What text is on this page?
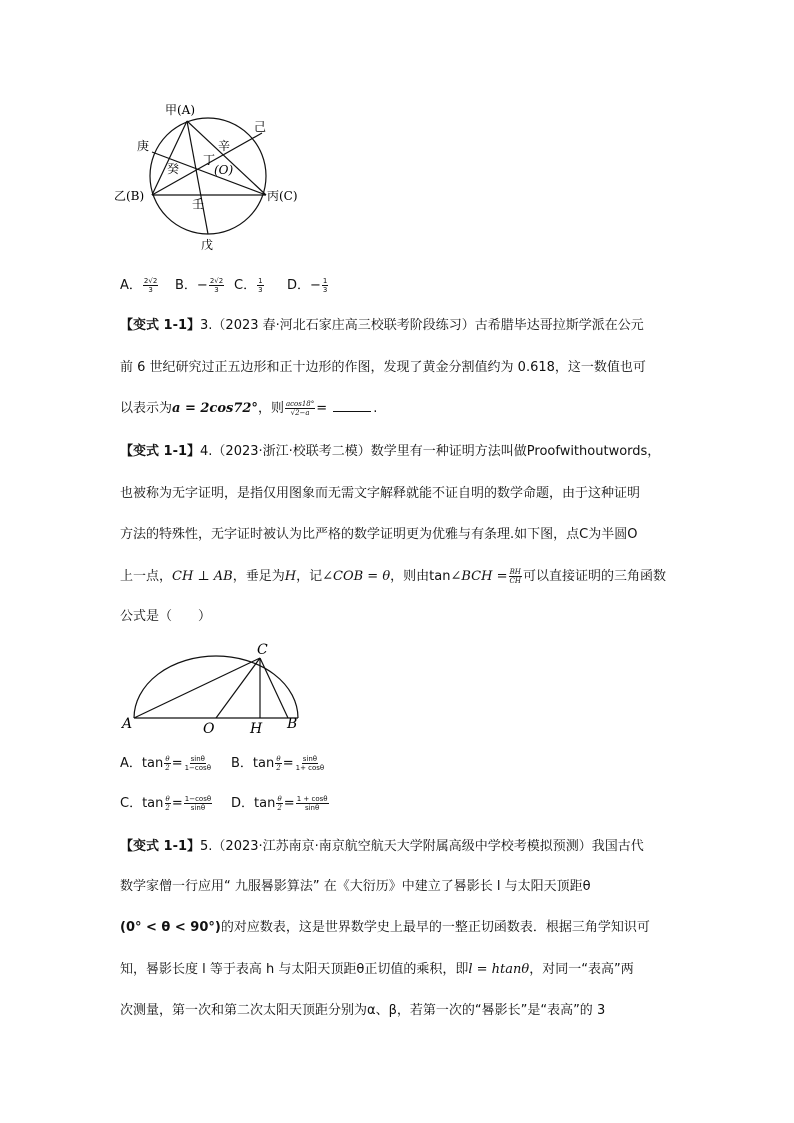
甲(A)
己
庚	辛
丁
癸	(O)
乙(B)	丙(C)
壬
戊
A． $\frac{2√2}{3}$ B．− $\frac{2√2}{3}$ C． $\frac{1}{3}$ D．− $\frac{1}{3}$
【变式 1-1】3.（2023 春·河北石家庄高三校联考阶段练习）古希腊毕达哥拉斯学派在公元
前 6 世纪研究过正五边形和正十边形的作图，发现了黄金分割值约为 0.618，这一数值也可
以表示为a = 2cos72°，则 $\frac{acos18^\circ}{√2-a}$ =	.
【变式 1-1】4.（2023·浙江·校联考二模）数学里有一种证明方法叫做Proofwithoutwords，
也被称为无字证明，是指仅用图象而无需文字解释就能不证自明的数学命题，由于这种证明
方法的特殊性，无字证时被认为比严格的数学证明更为优雅与有条理.如下图，点C为半圆O
上一点，CH ⊥ AB，垂足为H，记∠COB = θ，则由tan∠BCH = $\frac{BH}{CH}$ 可以直接证明的三角函数
公式是（　　）
A	O	H B
C
A．$\tan \frac{\theta}{2} = \frac{\sin\theta}{1-\cos\theta}$ B．$\tan \frac{\theta}{2} = \frac{\sin\theta}{1+ \cos\theta}$
C．$\tan \frac{\theta}{2} = \frac{1-\cos\theta}{\sin\theta}$ D．$\tan \frac{\theta}{2} = \frac{1 + \cos\theta}{\sin\theta}$
【变式 1-1】5.（2023·江苏南京·南京航空航天大学附属高级中学校考模拟预测）我国古代
数学家僧一行应用“ 九服晷影算法” 在《大衍历》中建立了晷影长 l 与太阳天顶距θ
(0° < θ < 90°)的对应数表，这是世界数学史上最早的一整正切函数表．根据三角学知识可
知，晷影长度 l 等于表高 h 与太阳天顶距θ正切值的乘积，即l = htanθ，对同一“表高”两
次测量，第一次和第二次太阳天顶距分别为α、β，若第一次的“晷影长”是“表高”的 3
